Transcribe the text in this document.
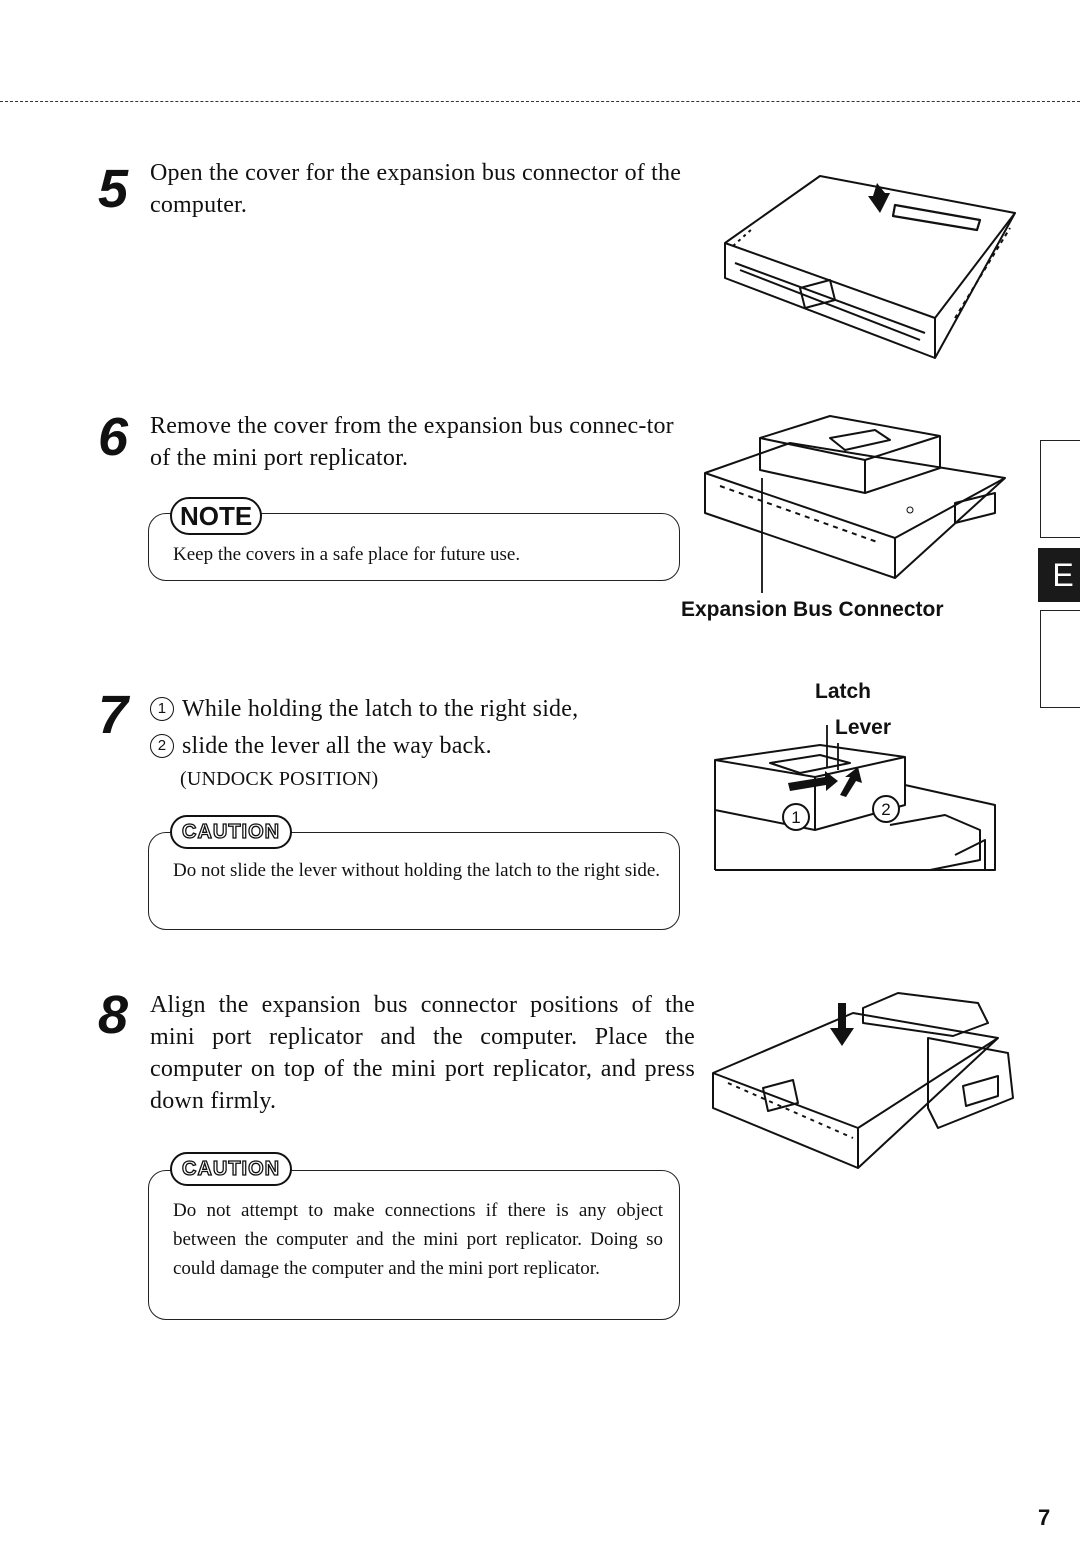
5 Open the cover for the expansion bus connector of the computer.
6 Remove the cover from the expansion bus connec-tor of the mini port replicator.
NOTE
Keep the covers in a safe place for future use.
Expansion Bus Connector
7	1 While holding the latch to the right side,
2 slide the lever all the way back.
(UNDOCK POSITION)
CAUTION
Do not slide the lever without holding the latch to the right side.
Latch
Lever
1	2
8 Align the expansion bus connector positions of the mini port replicator and the computer. Place the computer on top of the mini port replicator, and press down firmly.
CAUTION
Do not attempt to make connections if there is any object between the computer and the mini port replicator. Doing so could damage the computer and the mini port replicator.
E
7
